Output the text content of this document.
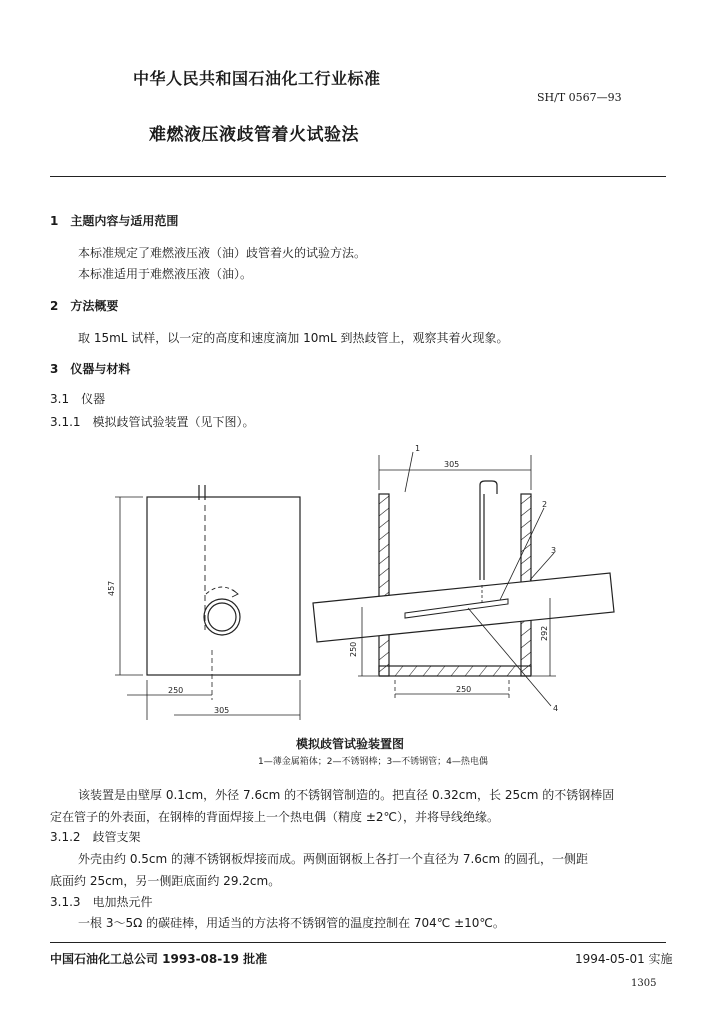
中华人民共和国石油化工行业标准
SH/T 0567—93
难燃液压液歧管着火试验法
1　主题内容与适用范围
本标准规定了难燃液压液（油）歧管着火的试验方法。
本标准适用于难燃液压液（油）。
2　方法概要
取 15mL 试样，以一定的高度和速度滴加 10mL 到热歧管上，观察其着火现象。
3　仪器与材料
3.1　仪器
3.1.1　模拟歧管试验装置（见下图）。
457
250
305
305
250
292
250
1
2
3
4
模拟歧管试验装置图
1—薄金属箱体；2—不锈钢棒；3—不锈钢管；4—热电偶
该装置是由壁厚 0.1cm，外径 7.6cm 的不锈钢管制造的。把直径 0.32cm，长 25cm 的不锈钢棒固
定在管子的外表面，在钢棒的背面焊接上一个热电偶（精度 ±2℃），并将导线绝缘。
3.1.2　歧管支架
外壳由约 0.5cm 的薄不锈钢板焊接而成。两侧面钢板上各打一个直径为 7.6cm 的圆孔，一侧距
底面约 25cm，另一侧距底面约 29.2cm。
3.1.3　电加热元件
一根 3～5Ω 的碳硅棒，用适当的方法将不锈钢管的温度控制在 704℃ ±10℃。
中国石油化工总公司 1993-08-19 批准	1994-05-01 实施
1305
